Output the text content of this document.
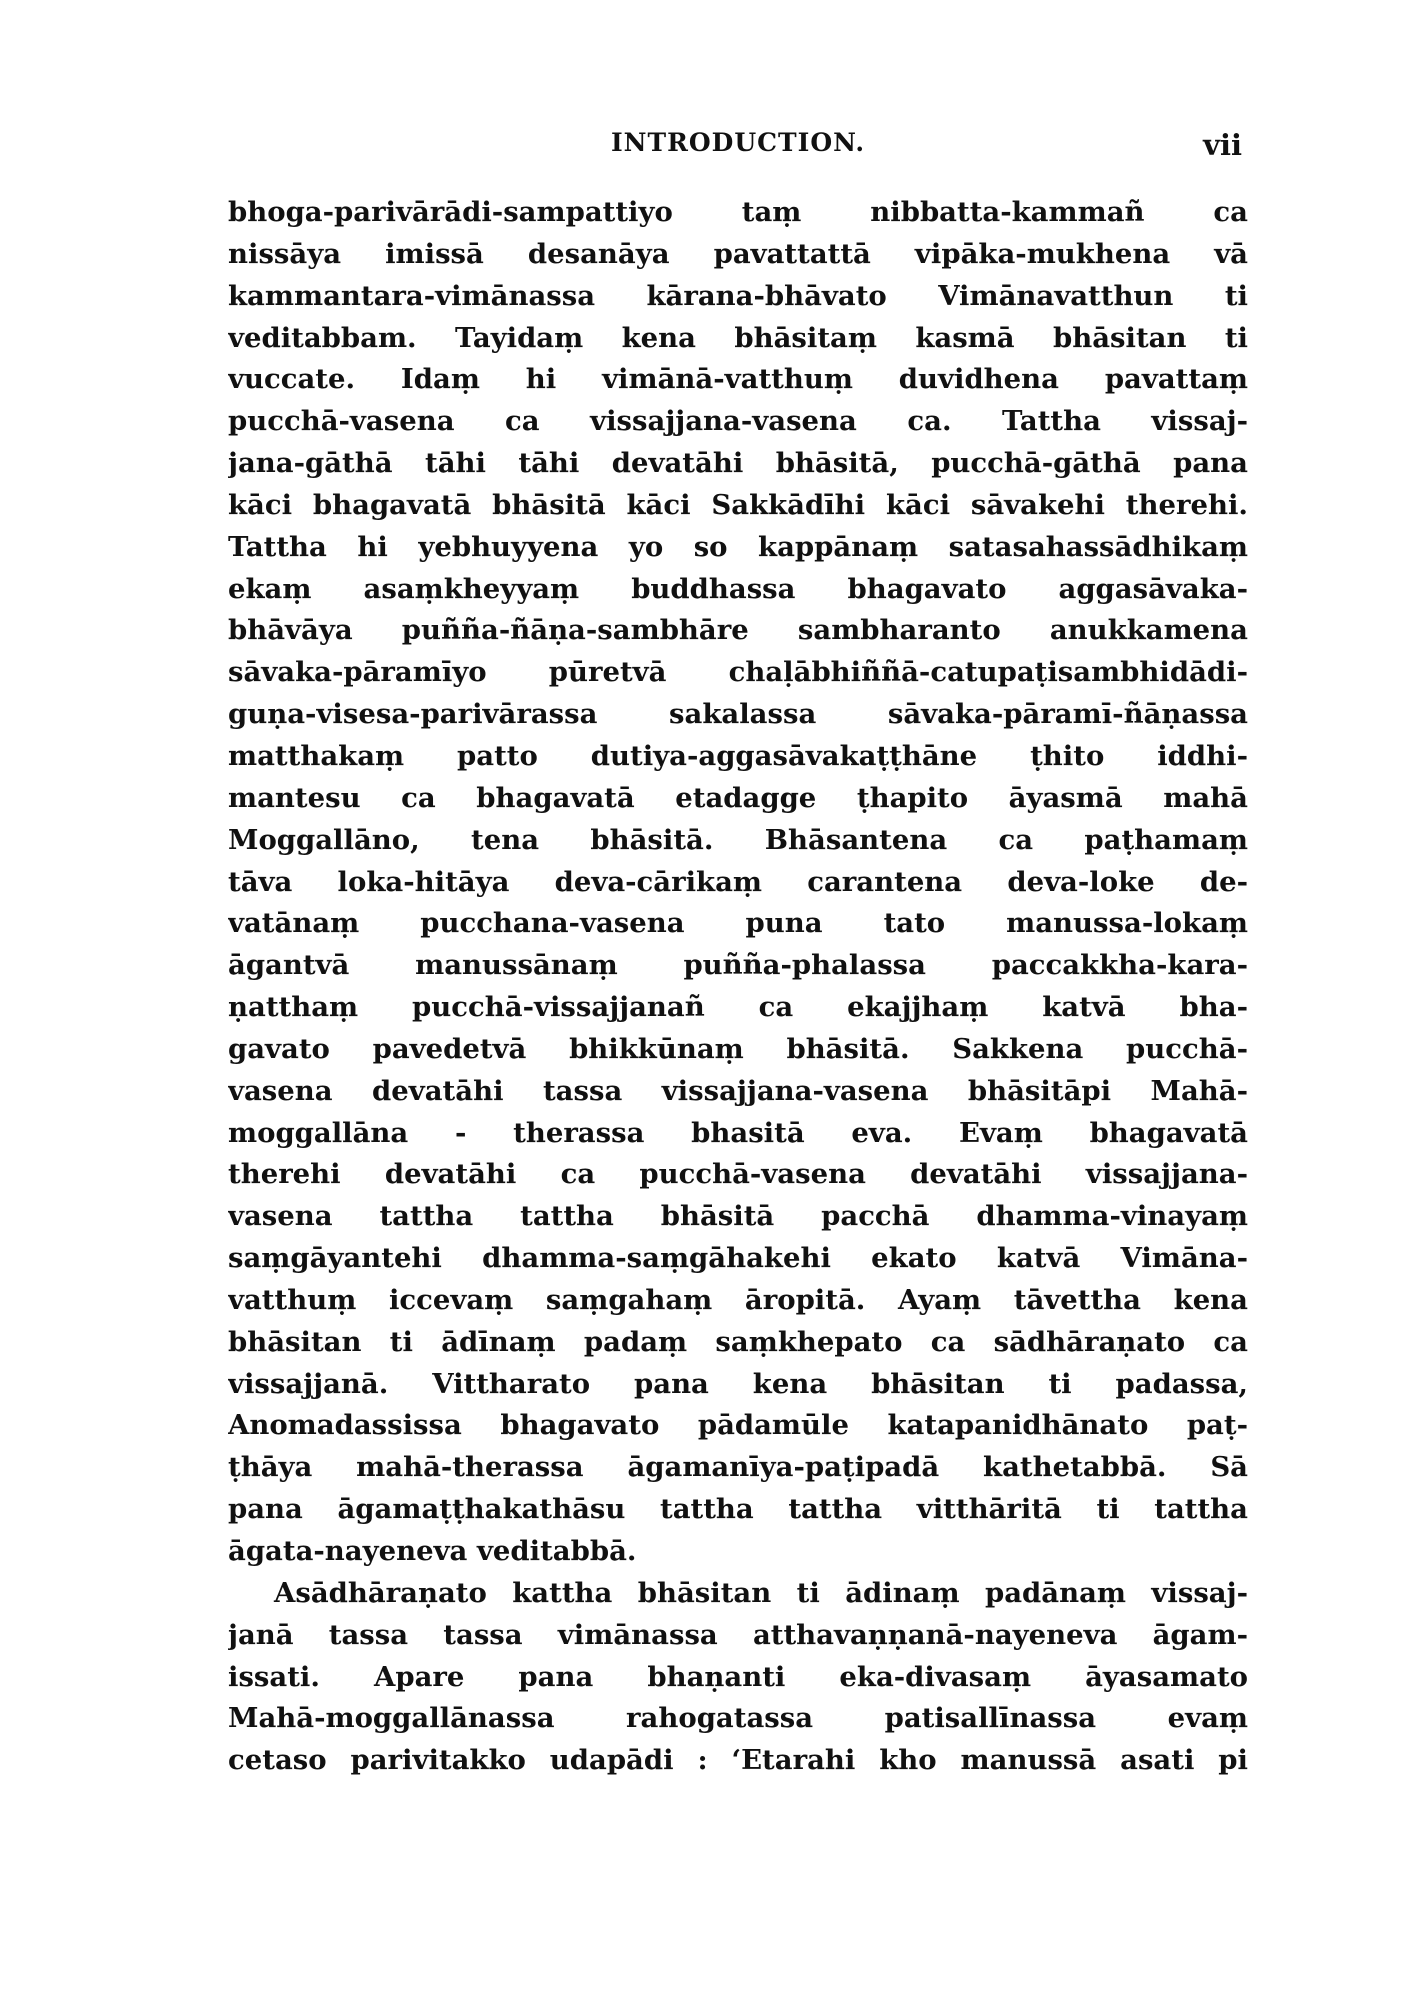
INTRODUCTION.	vii
bhoga-parivārādi-sampattiyo taṃ nibbatta-kammañ ca
nissāya imissā desanāya pavattattā vipāka-mukhena vā
kammantara-vimānassa kārana-bhāvato Vimānavatthun ti
veditabbam. Tayidaṃ kena bhāsitaṃ kasmā bhāsitan ti
vuccate. Idaṃ hi vimānā-vatthuṃ duvidhena pavattaṃ
pucchā-vasena ca vissajjana-vasena ca. Tattha vissaj-
jana-gāthā tāhi tāhi devatāhi bhāsitā, pucchā-gāthā pana
kāci bhagavatā bhāsitā kāci Sakkādīhi kāci sāvakehi therehi.
Tattha hi yebhuyyena yo so kappānaṃ satasahassādhikaṃ
ekaṃ asaṃkheyyaṃ buddhassa bhagavato aggasāvaka-
bhāvāya puñña-ñāṇa-sambhāre sambharanto anukkamena
sāvaka-pāramīyo pūretvā chaḷābhiññā-catupaṭisambhidādi-
guṇa-visesa-parivārassa sakalassa sāvaka-pāramī-ñāṇassa
matthakaṃ patto dutiya-aggasāvakaṭṭhāne ṭhito iddhi-
mantesu ca bhagavatā etadagge ṭhapito āyasmā mahā
Moggallāno, tena bhāsitā. Bhāsantena ca paṭhamaṃ
tāva loka-hitāya deva-cārikaṃ carantena deva-loke de-
vatānaṃ pucchana-vasena puna tato manussa-lokaṃ
āgantvā manussānaṃ puñña-phalassa paccakkha-kara-
ṇatthaṃ pucchā-vissajjanañ ca ekajjhaṃ katvā bha-
gavato pavedetvā bhikkūnaṃ bhāsitā. Sakkena pucchā-
vasena devatāhi tassa vissajjana-vasena bhāsitāpi Mahā-
moggallāna - therassa bhasitā eva. Evaṃ bhagavatā
therehi devatāhi ca pucchā-vasena devatāhi vissajjana-
vasena tattha tattha bhāsitā pacchā dhamma-vinayaṃ
saṃgāyantehi dhamma-saṃgāhakehi ekato katvā Vimāna-
vatthuṃ iccevaṃ saṃgahaṃ āropitā. Ayaṃ tāvettha kena
bhāsitan ti ādīnaṃ padaṃ saṃkhepato ca sādhāraṇato ca
vissajjanā. Vittharato pana kena bhāsitan ti padassa,
Anomadassissa bhagavato pādamūle katapanidhānato paṭ-
ṭhāya mahā-therassa āgamanīya-paṭipadā kathetabbā. Sā
pana āgamaṭṭhakathāsu tattha tattha vitthāritā ti tattha
āgata-nayeneva veditabbā.
Asādhāraṇato kattha bhāsitan ti ādinaṃ padānaṃ vissaj-
janā tassa tassa vimānassa atthavaṇṇanā-nayeneva āgam-
issati. Apare pana bhaṇanti eka-divasaṃ āyasamato
Mahā-moggallānassa rahogatassa patisallīnassa evaṃ
cetaso parivitakko udapādi : ‘Etarahi kho manussā asati pi
